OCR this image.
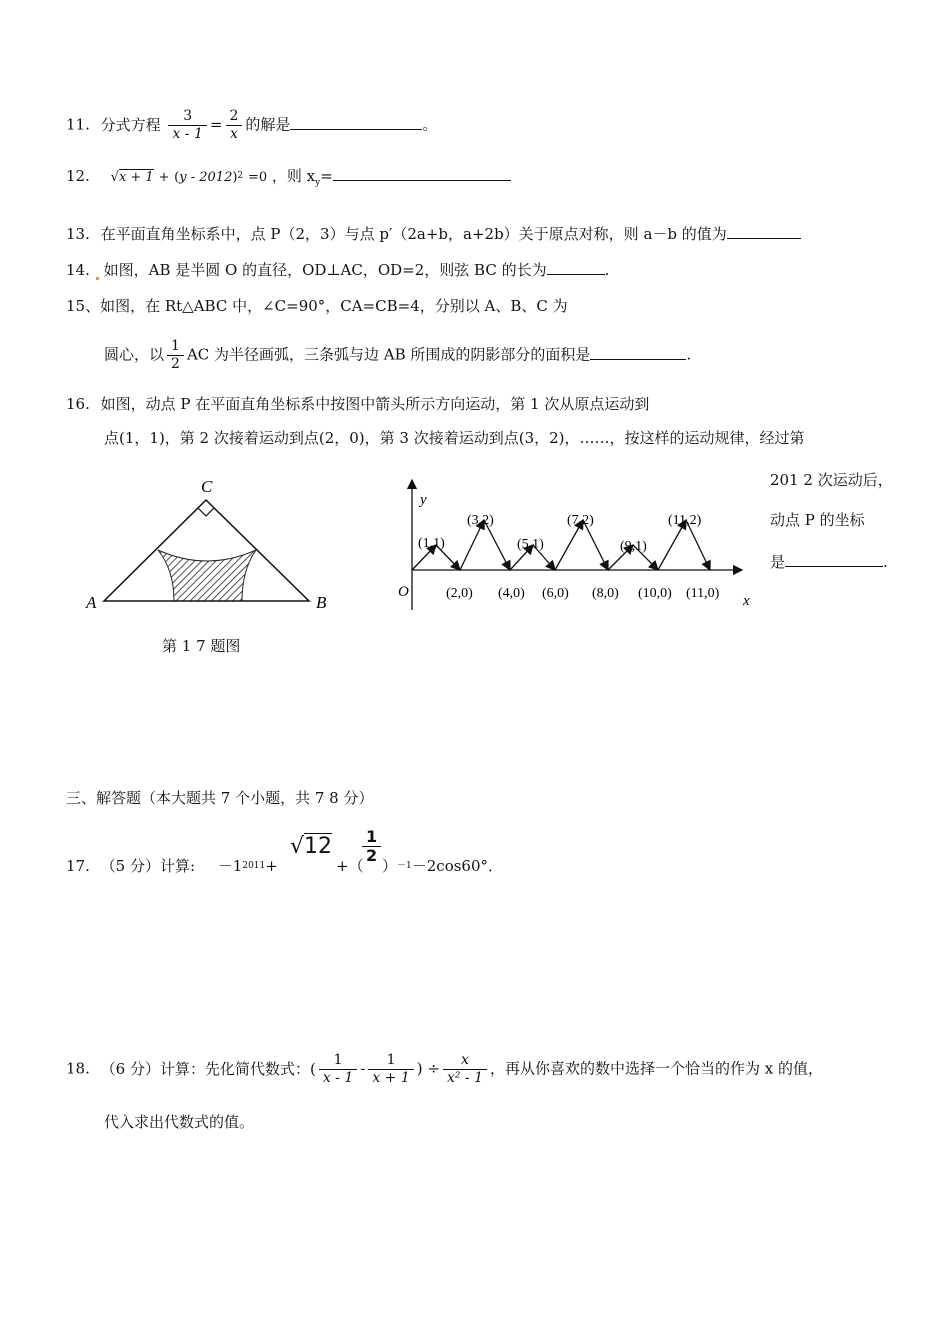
11. 分式方程 $\frac{3}{x - 1} = \frac{2}{x}$ 的解是	。
12. √x + 1 + (y - 2012)$^2$ =0 ，则 $x_y=$
13. 在平面直角坐标系中，点 P（2，3）与点 p′（2a+b，a+2b）关于原点对称，则 a－b 的值为
14. 如图，AB 是半圆 O 的直径，OD⊥AC，OD=2，则弦 BC 的长为	.
15、如图，在 Rt△ABC 中，∠C=90°，CA=CB=4，分别以 A、B、C 为
圆心，以 $\frac{1}{2}$ AC 为半径画弧，三条弧与边 AB 所围成的阴影部分的面积是	.
16. 如图，动点 P 在平面直角坐标系中按图中箭头所示方向运动，第 1 次从原点运动到
点(1，1)，第 2 次接着运动到点(2，0)，第 3 次接着运动到点(3，2)，……，按这样的运动规律，经过第
201 2 次运动后，
动点 P 的坐标
是	.
C
A	B
第 1 7 题图
y
x
O
(1,1)
(3,2)
(5,1)
(7,2)
(9,1)
(11,2)
(2,0) (4,0) (6,0) (8,0) (10,0) (11,0)
三、解答题（本大题共 7 个小题，共 7 8 分）
17. （5 分）计算: $-1^{2011}+$
√12
+（
$\frac{1}{2}$
）$^{-1}$－2cos60°．
18. （6 分）计算：先化简代数式：( $\frac{1}{x - 1} - \frac{1}{x + 1}$ ) ÷ $\frac{x}{\text{x² - 1}}$ ，再从你喜欢的数中选择一个恰当的作为 x 的值，
代入求出代数式的值。
